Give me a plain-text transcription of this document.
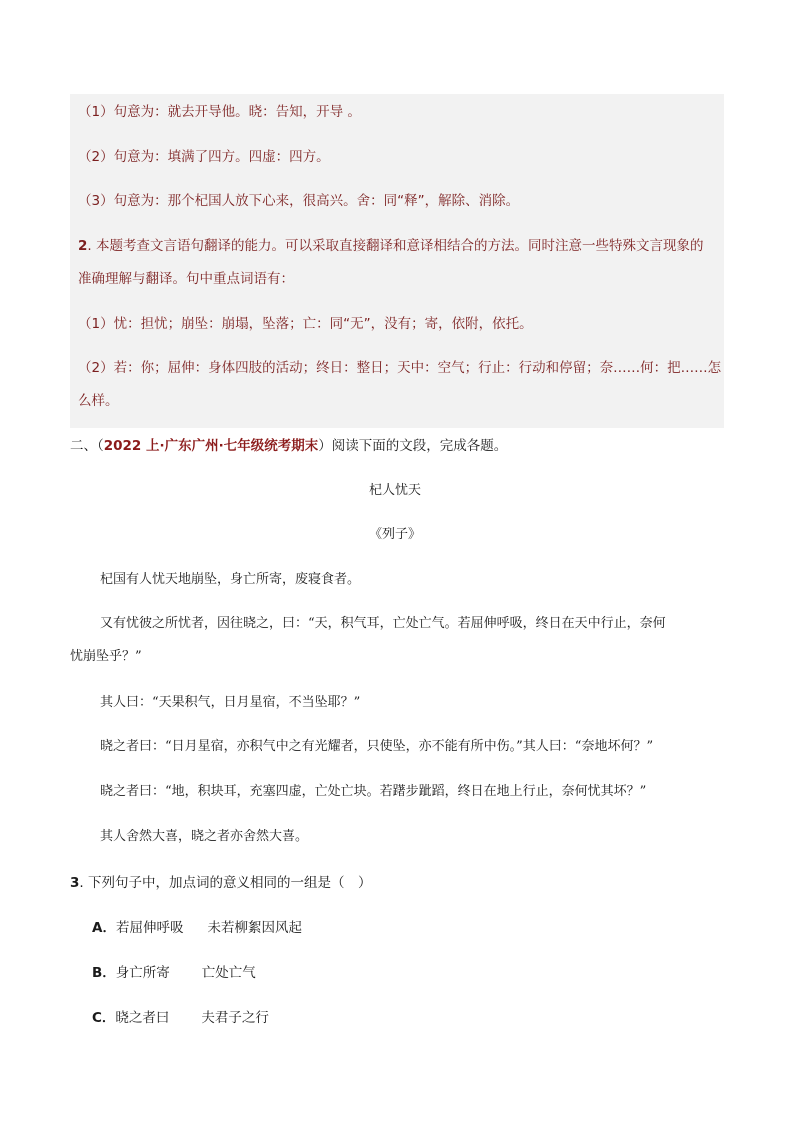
（1）句意为：就去开导他。晓：告知，开导 。
（2）句意为：填满了四方。四虚：四方。
（3）句意为：那个杞国人放下心来，很高兴。舍：同“释”，解除、消除。
2. 本题考查文言语句翻译的能力。可以采取直接翻译和意译相结合的方法。同时注意一些特殊文言现象的
准确理解与翻译。句中重点词语有：
（1）忧：担忧；崩坠：崩塌，坠落；亡：同“无”，没有；寄，依附，依托。
（2）若：你；屈伸：身体四肢的活动；终日：整日；天中：空气；行止：行动和停留；奈……何：把……怎
么样。
二、（2022 上·广东广州·七年级统考期末）阅读下面的文段，完成各题。
杞人忧天
《列子》
杞国有人忧天地崩坠，身亡所寄，废寝食者。
又有忧彼之所忧者，因往晓之，曰：“天，积气耳，亡处亡气。若屈伸呼吸，终日在天中行止，奈何
忧崩坠乎？”
其人曰：“天果积气，日月星宿，不当坠耶？”
晓之者曰：“日月星宿，亦积气中之有光耀者，只使坠，亦不能有所中伤。”其人曰：“奈地坏何？”
晓之者曰：“地，积块耳，充塞四虚，亡处亡块。若躇步跐蹈，终日在地上行止，奈何忧其坏？”
其人舍然大喜，晓之者亦舍然大喜。
3. 下列句子中，加点词的意义相同的一组是（　）
A．若屈伸呼吸 未若柳絮因风起
B．身亡所寄 亡处亡气
C．晓之者曰 夫君子之行
